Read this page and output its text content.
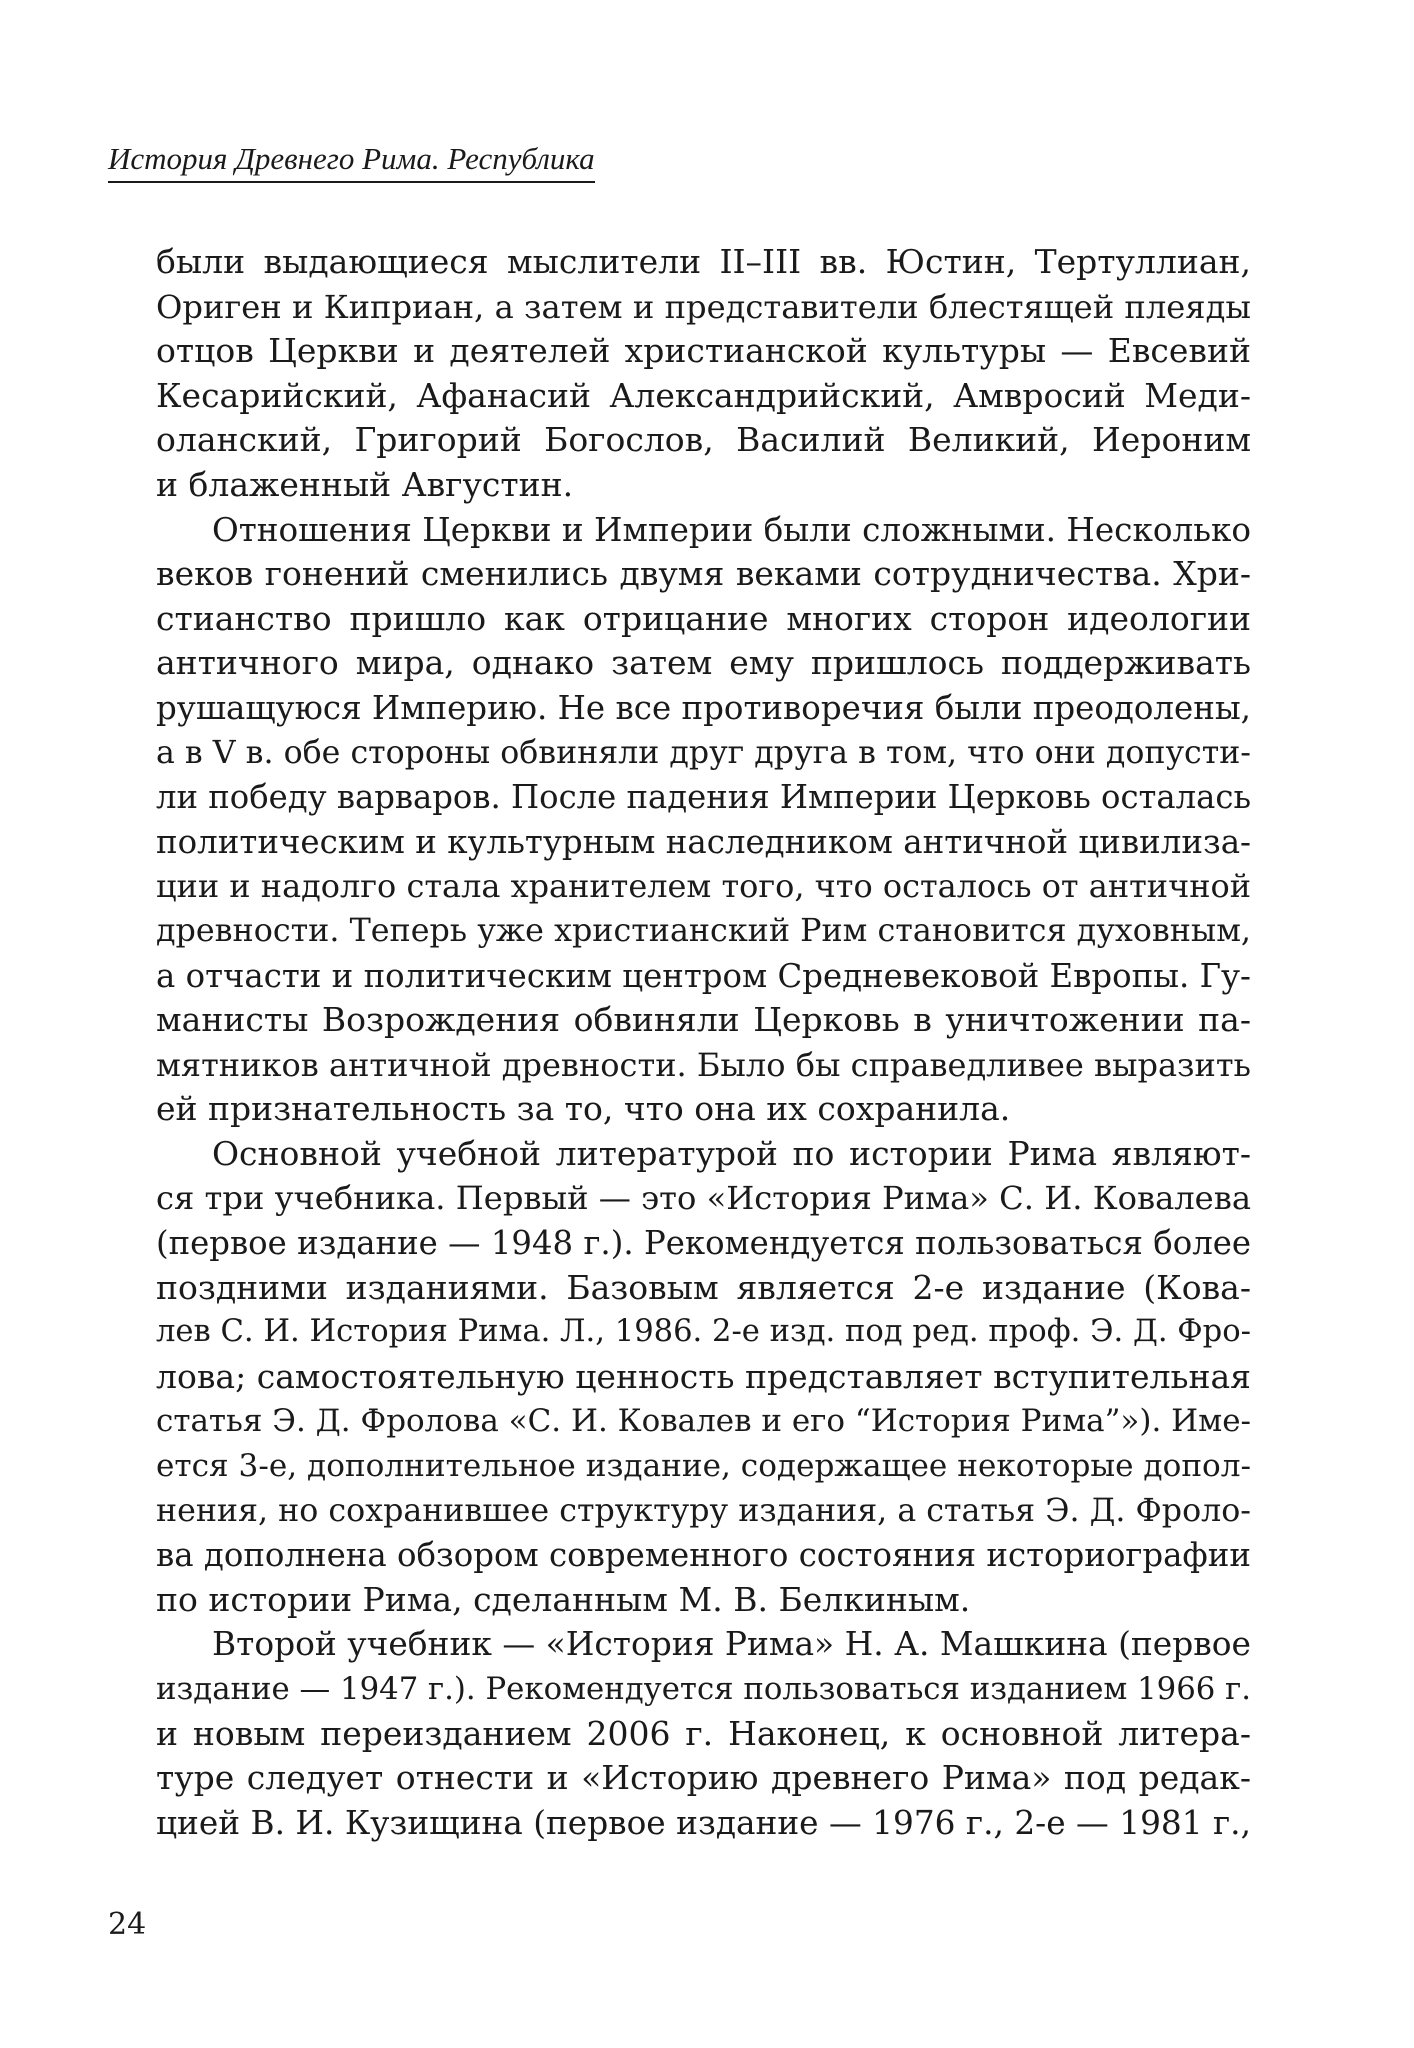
История Древнего Рима. Республика
были выдающиеся мыслители II–III вв. Юстин, Тертуллиан,
Ориген и Киприан, а затем и представители блестящей плеяды
отцов Церкви и деятелей христианской культуры — Евсевий
Кесарийский, Афанасий Александрийский, Амвросий Меди-
оланский, Григорий Богослов, Василий Великий, Иероним
и блаженный Августин.
Отношения Церкви и Империи были сложными. Несколько
веков гонений сменились двумя веками сотрудничества. Хри-
стианство пришло как отрицание многих сторон идеологии
античного мира, однако затем ему пришлось поддерживать
рушащуюся Империю. Не все противоречия были преодолены,
а в V в. обе стороны обвиняли друг друга в том, что они допусти-
ли победу варваров. После падения Империи Церковь осталась
политическим и культурным наследником античной цивилиза-
ции и надолго стала хранителем того, что осталось от античной
древности. Теперь уже христианский Рим становится духовным,
а отчасти и политическим центром Средневековой Европы. Гу-
манисты Возрождения обвиняли Церковь в уничтожении па-
мятников античной древности. Было бы справедливее выразить
ей признательность за то, что она их сохранила.
Основной учебной литературой по истории Рима являют-
ся три учебника. Первый — это «История Рима» С. И. Ковалева
(первое издание — 1948 г.). Рекомендуется пользоваться более
поздними изданиями. Базовым является 2-е издание (Кова-
лев С. И. История Рима. Л., 1986. 2-е изд. под ред. проф. Э. Д. Фро-
лова; самостоятельную ценность представляет вступительная
статья Э. Д. Фролова «С. И. Ковалев и его “История Рима”»). Име-
ется 3-е, дополнительное издание, содержащее некоторые допол-
нения, но сохранившее структуру издания, а статья Э. Д. Фроло-
ва дополнена обзором современного состояния историографии
по истории Рима, сделанным М. В. Белкиным.
Второй учебник — «История Рима» Н. А. Машкина (первое
издание — 1947 г.). Рекомендуется пользоваться изданием 1966 г.
и новым переизданием 2006 г. Наконец, к основной литера-
туре следует отнести и «Историю древнего Рима» под редак-
цией В. И. Кузищина (первое издание — 1976 г., 2-е — 1981 г.,
24
